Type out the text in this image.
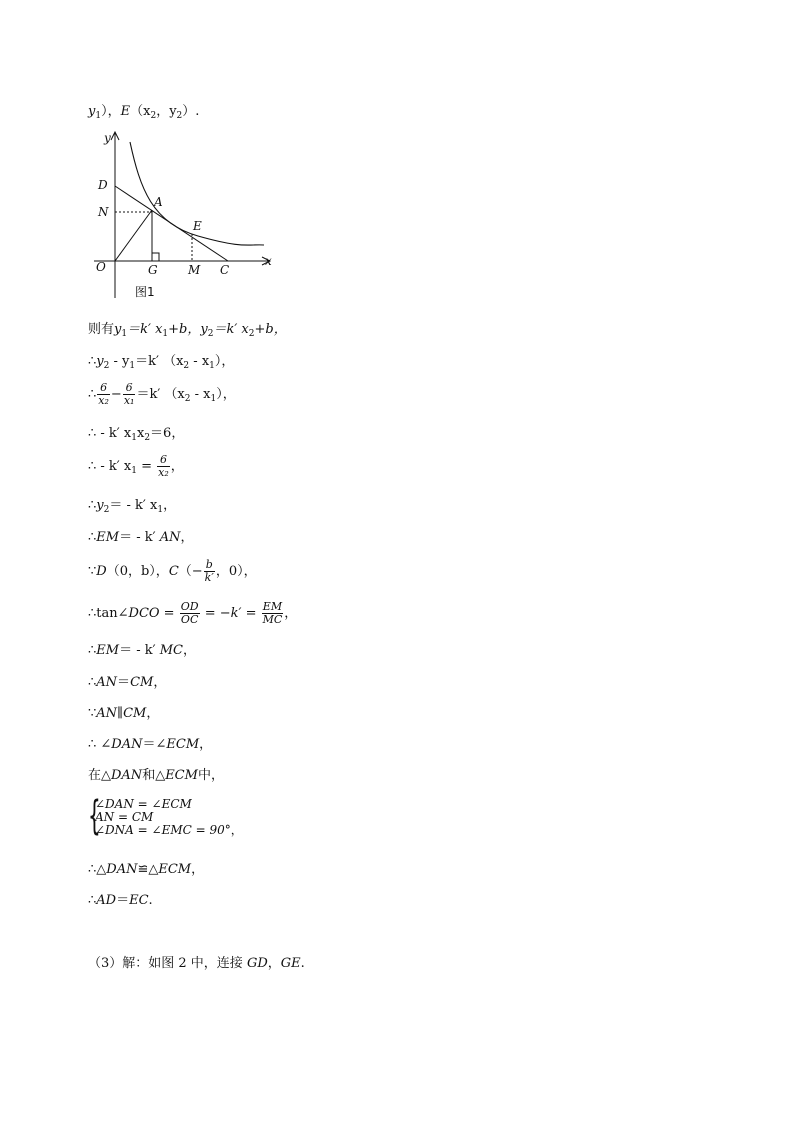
$y_1$），$E(x_2$，$y_2$）.
y
x
O
D
N
A
E
G	M C
图1
则有$y_1=k'$ $x_1+b$，$y_2=k'$ $x_2+b$，
$\therefore y_2 - y_1=k'$ $(x_2 - x_1)$，
∴ $\frac{6}{\text{x₂}} - \frac{6}{\text{x₁}} =k'$ $(x_2 - x_1)$，
∴ - k′ $x_1x_2=6$，
∴ - k′ $x_1 = \frac{6}{\text{x₂}}$ ，
$\therefore y_2= - k'$ $x_1$，
∴EM＝ - k′ AN，
∵D（0，b），$C(- \frac{b}{k'}$ ，0），
∴tan∠DCO = $\frac{OD}{OC} = -k' = \frac{EM}{MC}$ ，
∴EM＝ - k′ MC，
∴AN＝CM，
∵AN∥CM，
∴ ∠DAN＝∠ECM，
在△DAN和△ECM中，
{
∠DAN = ∠ECM
AN = CM
∠DNA = ∠EMC = 90°，
∴△DAN≌△ECM，
∴AD＝EC.
（3）解：如图 2 中，连接 GD，GE.
